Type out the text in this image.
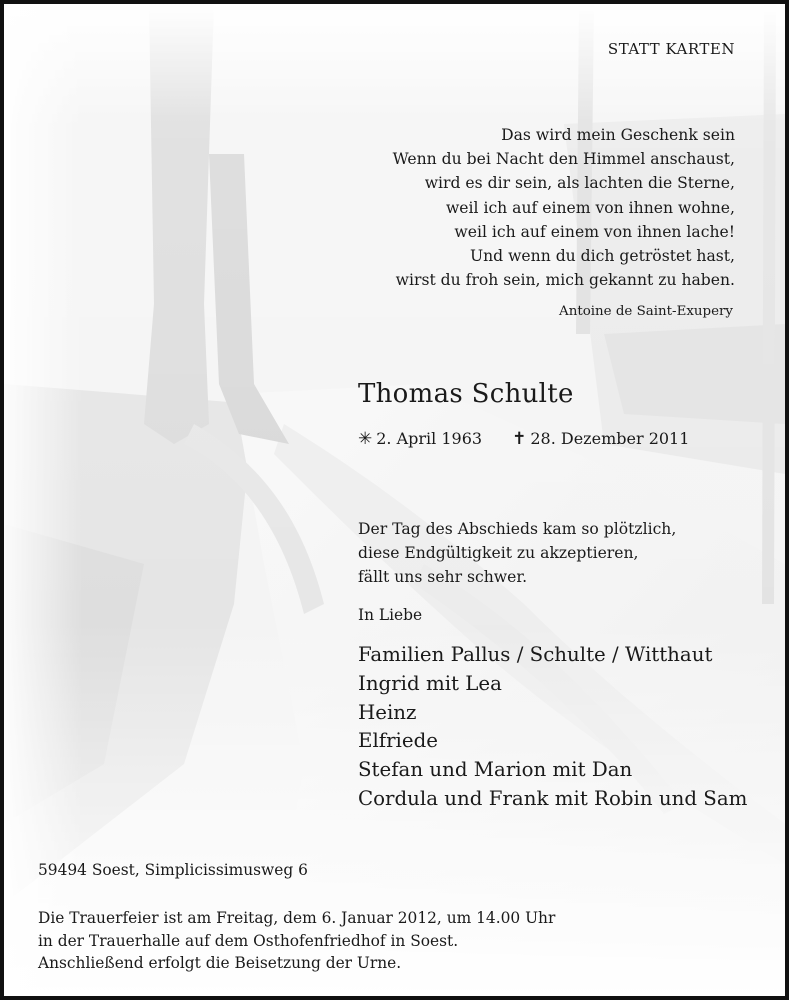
STATT KARTEN
Das wird mein Geschenk sein
Wenn du bei Nacht den Himmel anschaust,
wird es dir sein, als lachten die Sterne,
weil ich auf einem von ihnen wohne,
weil ich auf einem von ihnen lache!
Und wenn du dich getröstet hast,
wirst du froh sein, mich gekannt zu haben.
Antoine de Saint-Exupery
Thomas Schulte
✳ 2. April 1963 ✝ 28. Dezember 2011
Der Tag des Abschieds kam so plötzlich,
diese Endgültigkeit zu akzeptieren,
fällt uns sehr schwer.
In Liebe
Familien Pallus / Schulte / Witthaut
Ingrid mit Lea
Heinz
Elfriede
Stefan und Marion mit Dan
Cordula und Frank mit Robin und Sam
59494 Soest, Simplicissimusweg 6
Die Trauerfeier ist am Freitag, dem 6. Januar 2012, um 14.00 Uhr
in der Trauerhalle auf dem Osthofenfriedhof in Soest.
Anschließend erfolgt die Beisetzung der Urne.
